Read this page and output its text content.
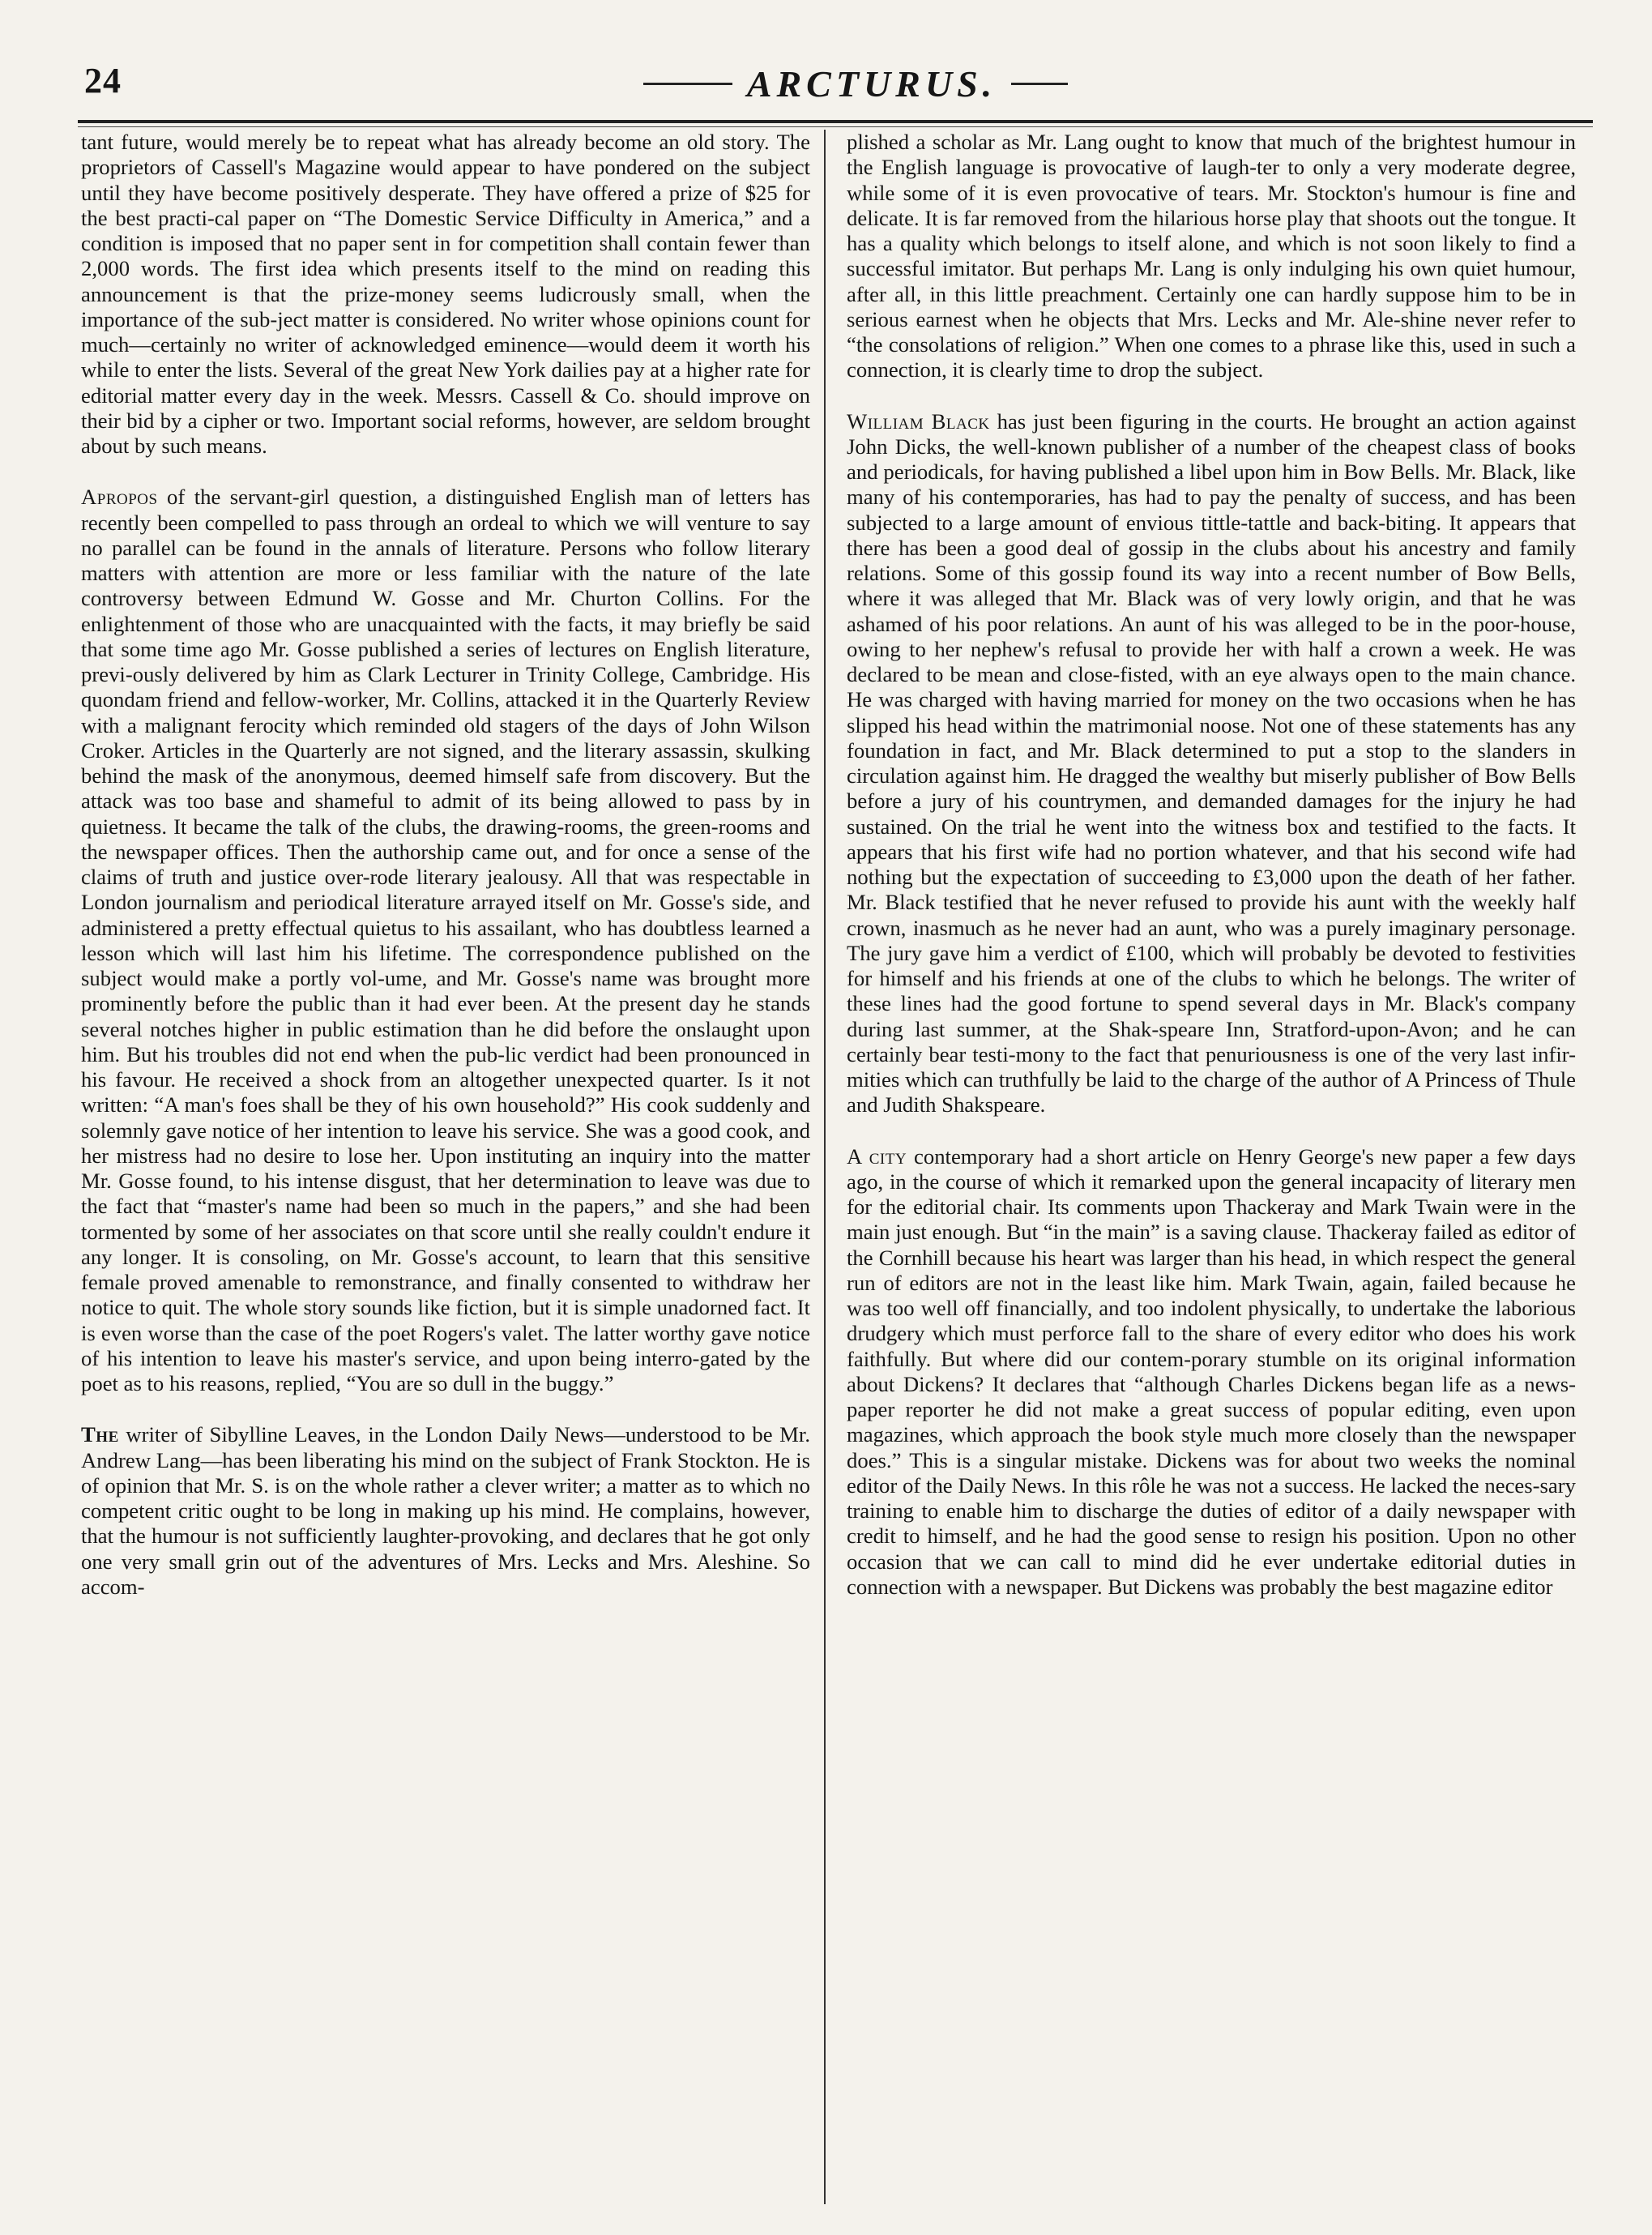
24	ARCTURUS.

tant future, would merely be to repeat what has already become an old story. The proprietors of Cassell's Magazine would appear to have pondered on the subject until they have become positively desperate. They have offered a prize of $25 for the best practi-cal paper on “The Domestic Service Difficulty in America,” and a condition is imposed that no paper sent in for competition shall contain fewer than 2,000 words. The first idea which presents itself to the mind on reading this announcement is that the prize-money seems ludicrously small, when the importance of the sub-ject matter is considered. No writer whose opinions count for much—certainly no writer of acknowledged eminence—would deem it worth his while to enter the lists. Several of the great New York dailies pay at a higher rate for editorial matter every day in the week. Messrs. Cassell & Co. should improve on their bid by a cipher or two. Important social reforms, however, are seldom brought about by such means.

Apropos of the servant-girl question, a distinguished English man of letters has recently been compelled to pass through an ordeal to which we will venture to say no parallel can be found in the annals of literature. Persons who follow literary matters with attention are more or less familiar with the nature of the late controversy between Edmund W. Gosse and Mr. Churton Collins. For the enlightenment of those who are unacquainted with the facts, it may briefly be said that some time ago Mr. Gosse published a series of lectures on English literature, previ-ously delivered by him as Clark Lecturer in Trinity College, Cambridge. His quondam friend and fellow-worker, Mr. Collins, attacked it in the Quarterly Review with a malignant ferocity which reminded old stagers of the days of John Wilson Croker. Articles in the Quarterly are not signed, and the literary assassin, skulking behind the mask of the anonymous, deemed himself safe from discovery. But the attack was too base and shameful to admit of its being allowed to pass by in quietness. It became the talk of the clubs, the drawing-rooms, the green-rooms and the newspaper offices. Then the authorship came out, and for once a sense of the claims of truth and justice over-rode literary jealousy. All that was respectable in London journalism and periodical literature arrayed itself on Mr. Gosse's side, and administered a pretty effectual quietus to his assailant, who has doubtless learned a lesson which will last him his lifetime. The correspondence published on the subject would make a portly vol-ume, and Mr. Gosse's name was brought more prominently before the public than it had ever been. At the present day he stands several notches higher in public estimation than he did before the onslaught upon him. But his troubles did not end when the pub-lic verdict had been pronounced in his favour. He received a shock from an altogether unexpected quarter. Is it not written: “A man's foes shall be they of his own household?” His cook suddenly and solemnly gave notice of her intention to leave his service. She was a good cook, and her mistress had no desire to lose her. Upon instituting an inquiry into the matter Mr. Gosse found, to his intense disgust, that her determination to leave was due to the fact that “master's name had been so much in the papers,” and she had been tormented by some of her associates on that score until she really couldn't endure it any longer. It is consoling, on Mr. Gosse's account, to learn that this sensitive female proved amenable to remonstrance, and finally consented to withdraw her notice to quit. The whole story sounds like fiction, but it is simple unadorned fact. It is even worse than the case of the poet Rogers's valet. The latter worthy gave notice of his intention to leave his master's service, and upon being interro-gated by the poet as to his reasons, replied, “You are so dull in the buggy.”

The writer of Sibylline Leaves, in the London Daily News—understood to be Mr. Andrew Lang—has been liberating his mind on the subject of Frank Stockton. He is of opinion that Mr. S. is on the whole rather a clever writer; a matter as to which no competent critic ought to be long in making up his mind. He complains, however, that the humour is not sufficiently laughter-provoking, and declares that he got only one very small grin out of the adventures of Mrs. Lecks and Mrs. Aleshine. So accom-

plished a scholar as Mr. Lang ought to know that much of the brightest humour in the English language is provocative of laugh-ter to only a very moderate degree, while some of it is even provocative of tears. Mr. Stockton's humour is fine and delicate. It is far removed from the hilarious horse play that shoots out the tongue. It has a quality which belongs to itself alone, and which is not soon likely to find a successful imitator. But perhaps Mr. Lang is only indulging his own quiet humour, after all, in this little preachment. Certainly one can hardly suppose him to be in serious earnest when he objects that Mrs. Lecks and Mr. Ale-shine never refer to “the consolations of religion.” When one comes to a phrase like this, used in such a connection, it is clearly time to drop the subject.

William Black has just been figuring in the courts. He brought an action against John Dicks, the well-known publisher of a number of the cheapest class of books and periodicals, for having published a libel upon him in Bow Bells. Mr. Black, like many of his contemporaries, has had to pay the penalty of success, and has been subjected to a large amount of envious tittle-tattle and back-biting. It appears that there has been a good deal of gossip in the clubs about his ancestry and family relations. Some of this gossip found its way into a recent number of Bow Bells, where it was alleged that Mr. Black was of very lowly origin, and that he was ashamed of his poor relations. An aunt of his was alleged to be in the poor-house, owing to her nephew's refusal to provide her with half a crown a week. He was declared to be mean and close-fisted, with an eye always open to the main chance. He was charged with having married for money on the two occasions when he has slipped his head within the matrimonial noose. Not one of these statements has any foundation in fact, and Mr. Black determined to put a stop to the slanders in circulation against him. He dragged the wealthy but miserly publisher of Bow Bells before a jury of his countrymen, and demanded damages for the injury he had sustained. On the trial he went into the witness box and testified to the facts. It appears that his first wife had no portion whatever, and that his second wife had nothing but the expectation of succeeding to £3,000 upon the death of her father. Mr. Black testified that he never refused to provide his aunt with the weekly half crown, inasmuch as he never had an aunt, who was a purely imaginary personage. The jury gave him a verdict of £100, which will probably be devoted to festivities for himself and his friends at one of the clubs to which he belongs. The writer of these lines had the good fortune to spend several days in Mr. Black's company during last summer, at the Shak-speare Inn, Stratford-upon-Avon; and he can certainly bear testi-mony to the fact that penuriousness is one of the very last infir-mities which can truthfully be laid to the charge of the author of A Princess of Thule and Judith Shakspeare.

A city contemporary had a short article on Henry George's new paper a few days ago, in the course of which it remarked upon the general incapacity of literary men for the editorial chair. Its comments upon Thackeray and Mark Twain were in the main just enough. But “in the main” is a saving clause. Thackeray failed as editor of the Cornhill because his heart was larger than his head, in which respect the general run of editors are not in the least like him. Mark Twain, again, failed because he was too well off financially, and too indolent physically, to undertake the laborious drudgery which must perforce fall to the share of every editor who does his work faithfully. But where did our contem-porary stumble on its original information about Dickens? It declares that “although Charles Dickens began life as a news-paper reporter he did not make a great success of popular editing, even upon magazines, which approach the book style much more closely than the newspaper does.” This is a singular mistake. Dickens was for about two weeks the nominal editor of the Daily News. In this rôle he was not a success. He lacked the neces-sary training to enable him to discharge the duties of editor of a daily newspaper with credit to himself, and he had the good sense to resign his position. Upon no other occasion that we can call to mind did he ever undertake editorial duties in connection with a newspaper. But Dickens was probably the best magazine editor
